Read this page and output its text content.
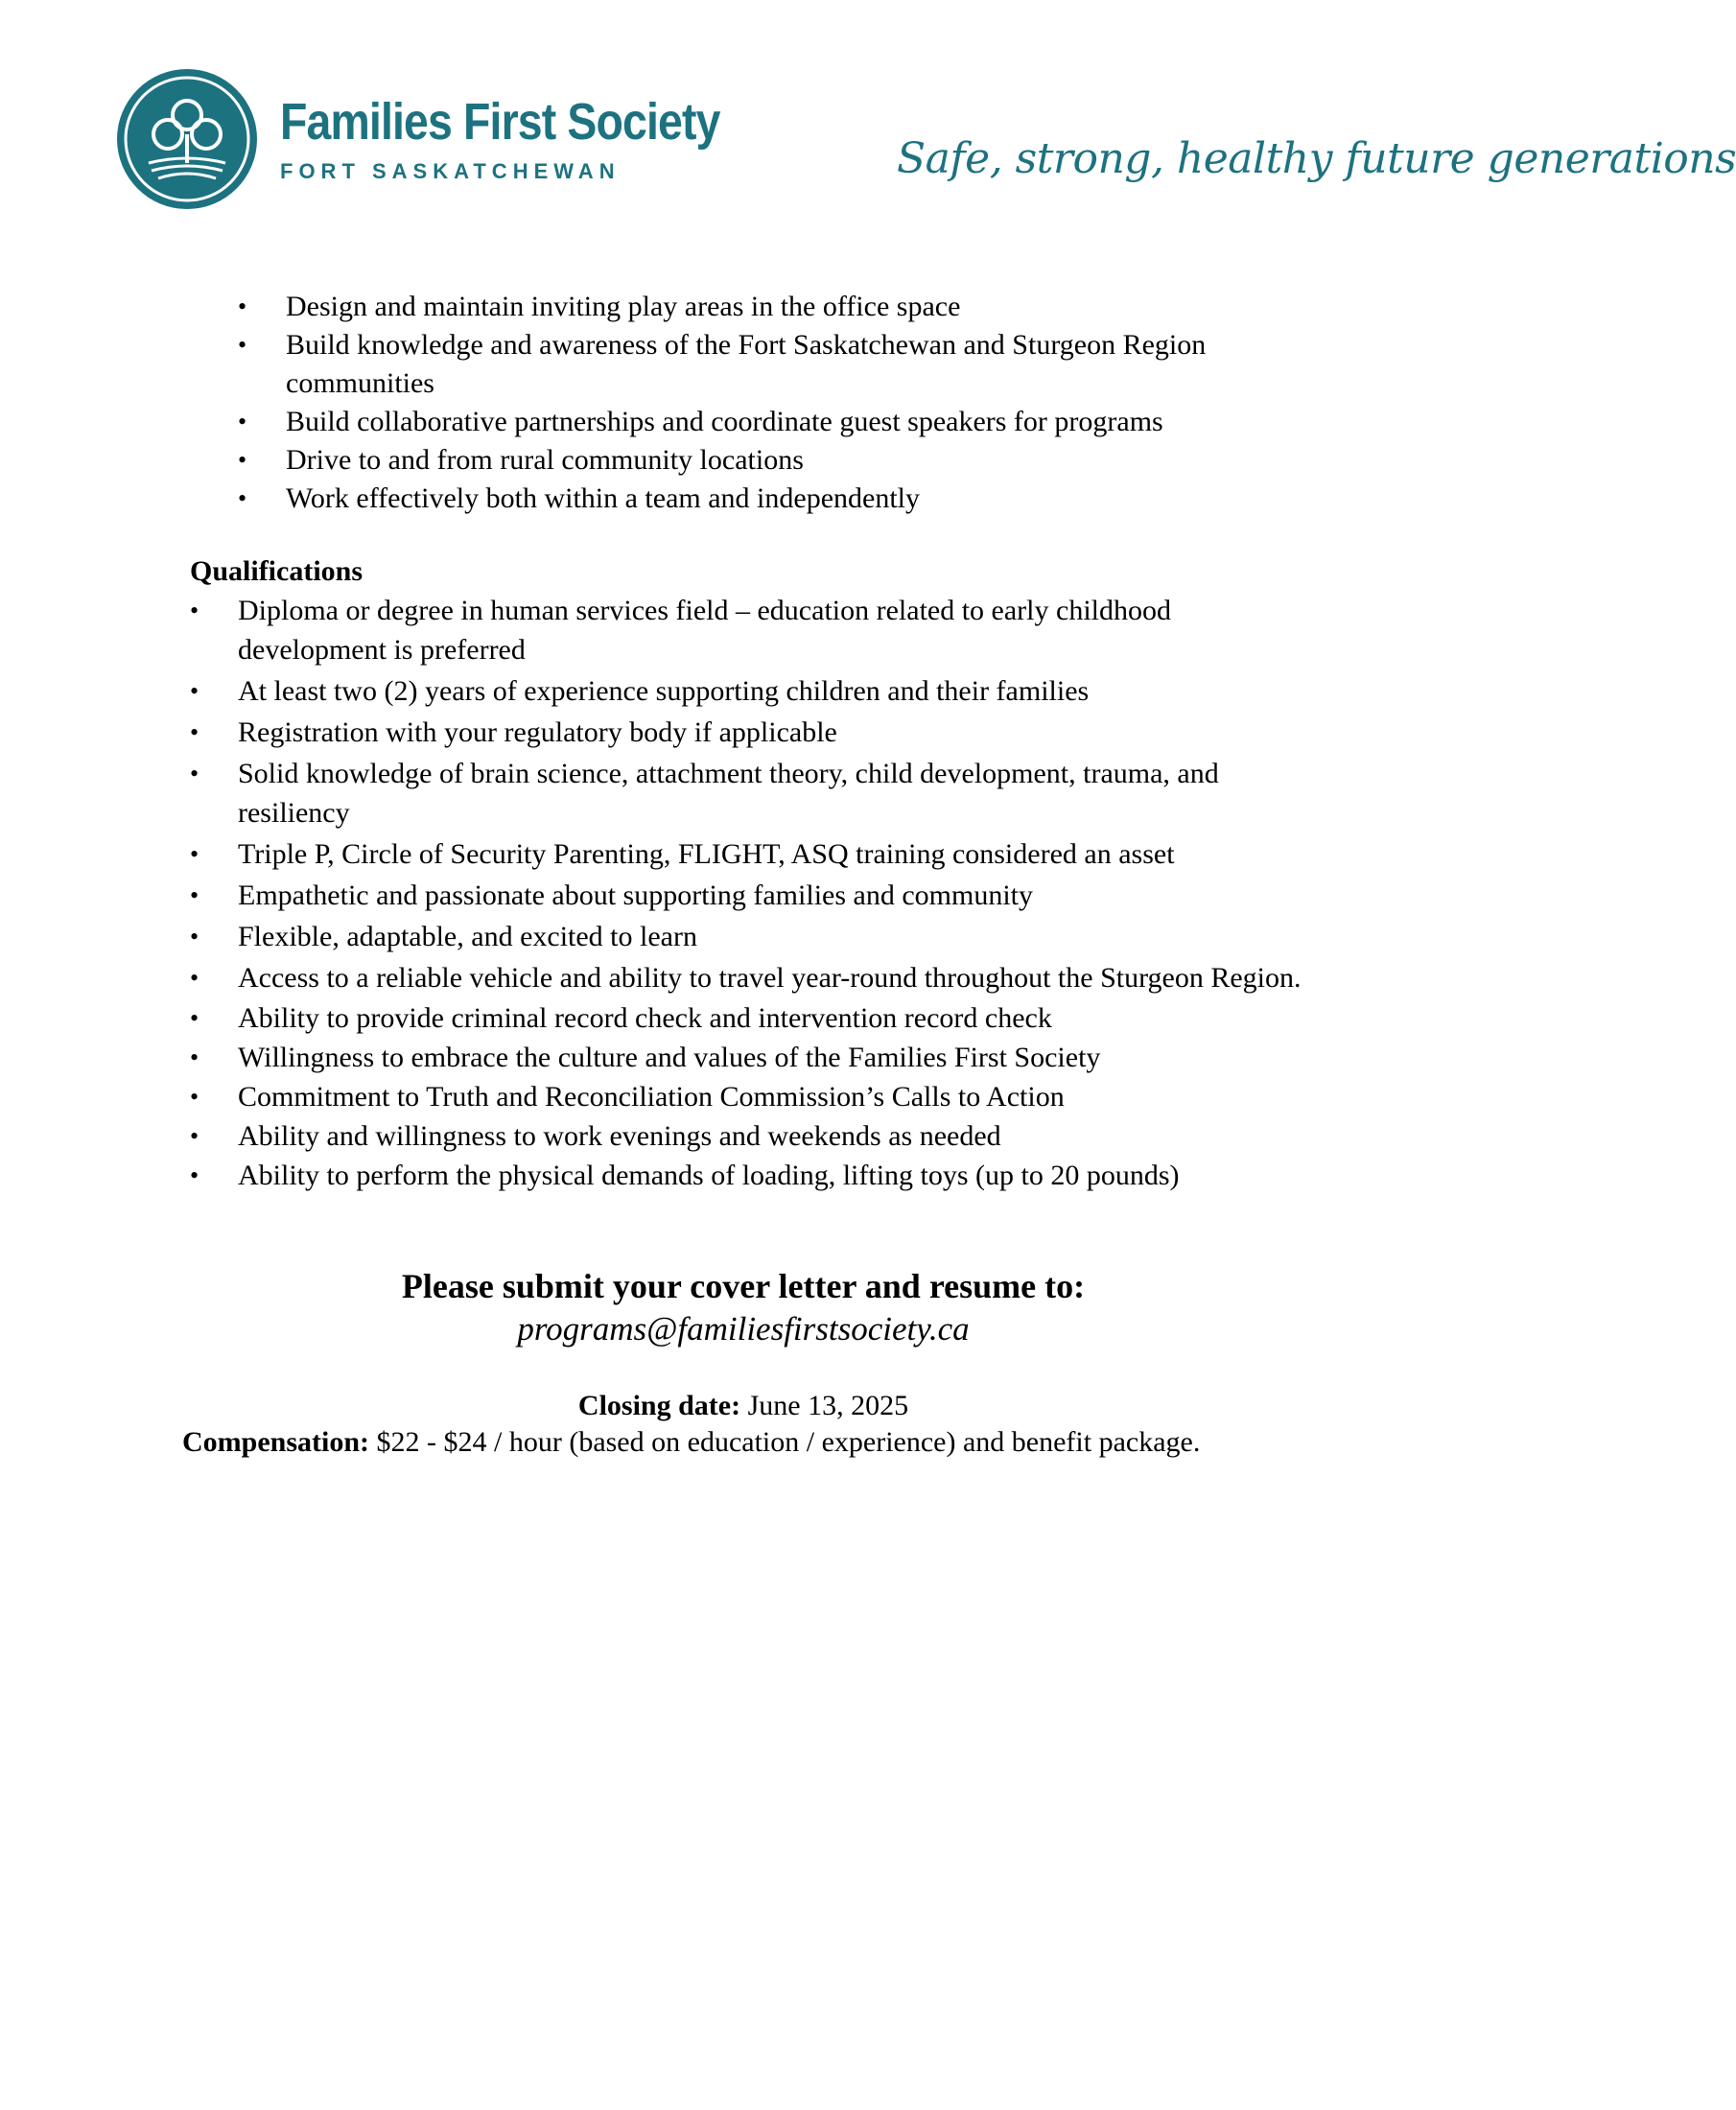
Families First Society
FORT SASKATCHEWAN	Safe, strong, healthy future generations
• Design and maintain inviting play areas in the office space
• Build knowledge and awareness of the Fort Saskatchewan and Sturgeon Region
communities
• Build collaborative partnerships and coordinate guest speakers for programs
• Drive to and from rural community locations
• Work effectively both within a team and independently
Qualifications
• Diploma or degree in human services field – education related to early childhood
development is preferred
• At least two (2) years of experience supporting children and their families
• Registration with your regulatory body if applicable
• Solid knowledge of brain science, attachment theory, child development, trauma, and
resiliency
• Triple P, Circle of Security Parenting, FLIGHT, ASQ training considered an asset
• Empathetic and passionate about supporting families and community
• Flexible, adaptable, and excited to learn
• Access to a reliable vehicle and ability to travel year-round throughout the Sturgeon Region.
• Ability to provide criminal record check and intervention record check
• Willingness to embrace the culture and values of the Families First Society
• Commitment to Truth and Reconciliation Commission’s Calls to Action
• Ability and willingness to work evenings and weekends as needed
• Ability to perform the physical demands of loading, lifting toys (up to 20 pounds)
Please submit your cover letter and resume to:
programs@familiesfirstsociety.ca
Closing date: June 13, 2025
Compensation: $22 - $24 / hour (based on education / experience) and benefit package.
